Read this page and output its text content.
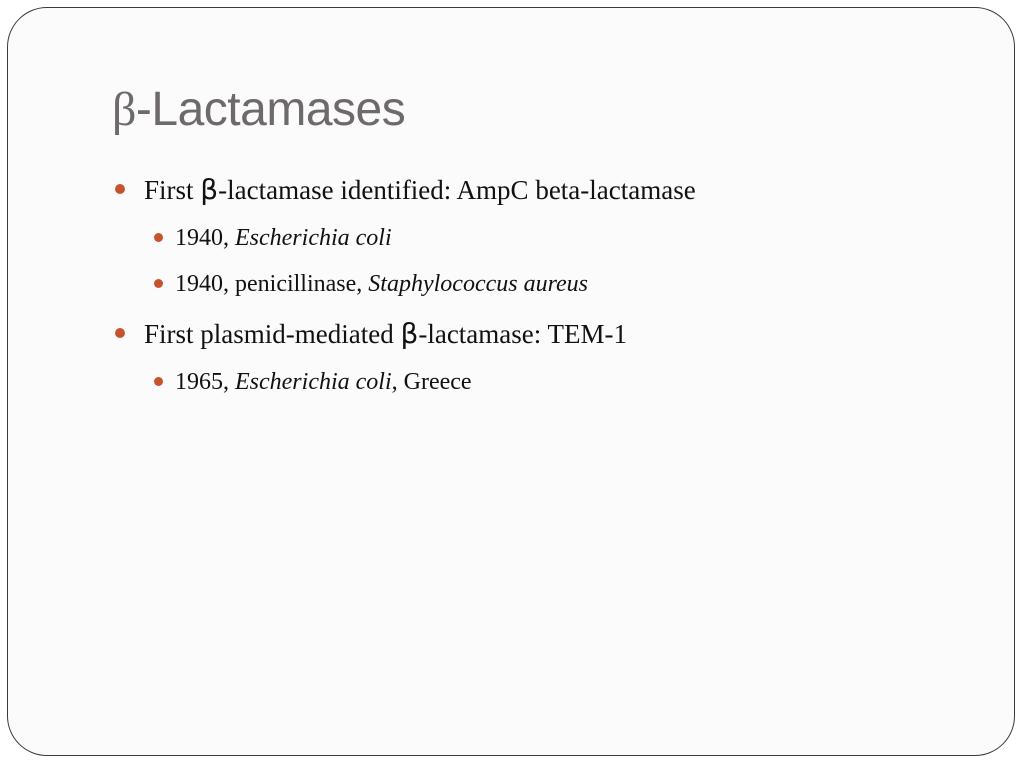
β-Lactamases
First β-lactamase identified: AmpC beta-lactamase
1940, Escherichia coli
1940, penicillinase, Staphylococcus aureus
First plasmid-mediated β-lactamase: TEM-1
1965, Escherichia coli, Greece
